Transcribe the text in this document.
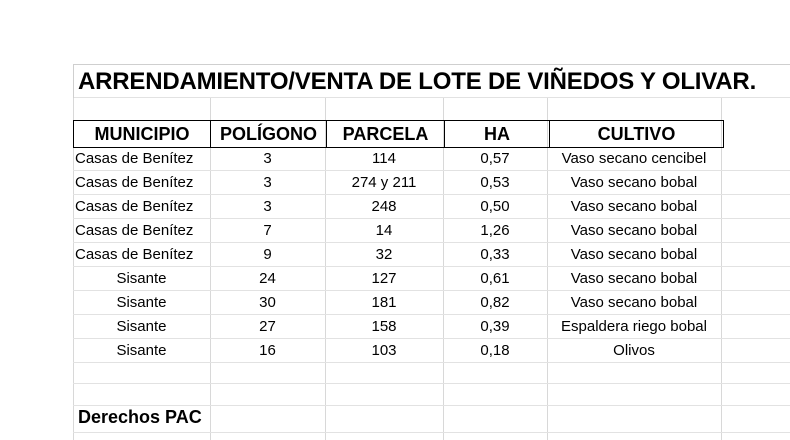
ARRENDAMIENTO/VENTA DE LOTE DE VIÑEDOS Y OLIVAR.
MUNICIPIO	POLÍGONO	PARCELA	HA	CULTIVO
Casas de Benítez	3	114	0,57	Vaso secano cencibel
Casas de Benítez	3	274 y 211	0,53	Vaso secano bobal
Casas de Benítez	3	248	0,50	Vaso secano bobal
Casas de Benítez	7	14	1,26	Vaso secano bobal
Casas de Benítez	9	32	0,33	Vaso secano bobal
Sisante	24	127	0,61	Vaso secano bobal
Sisante	30	181	0,82	Vaso secano bobal
Sisante	27	158	0,39	Espaldera riego bobal
Sisante	16	103	0,18	Olivos
Derechos PAC
